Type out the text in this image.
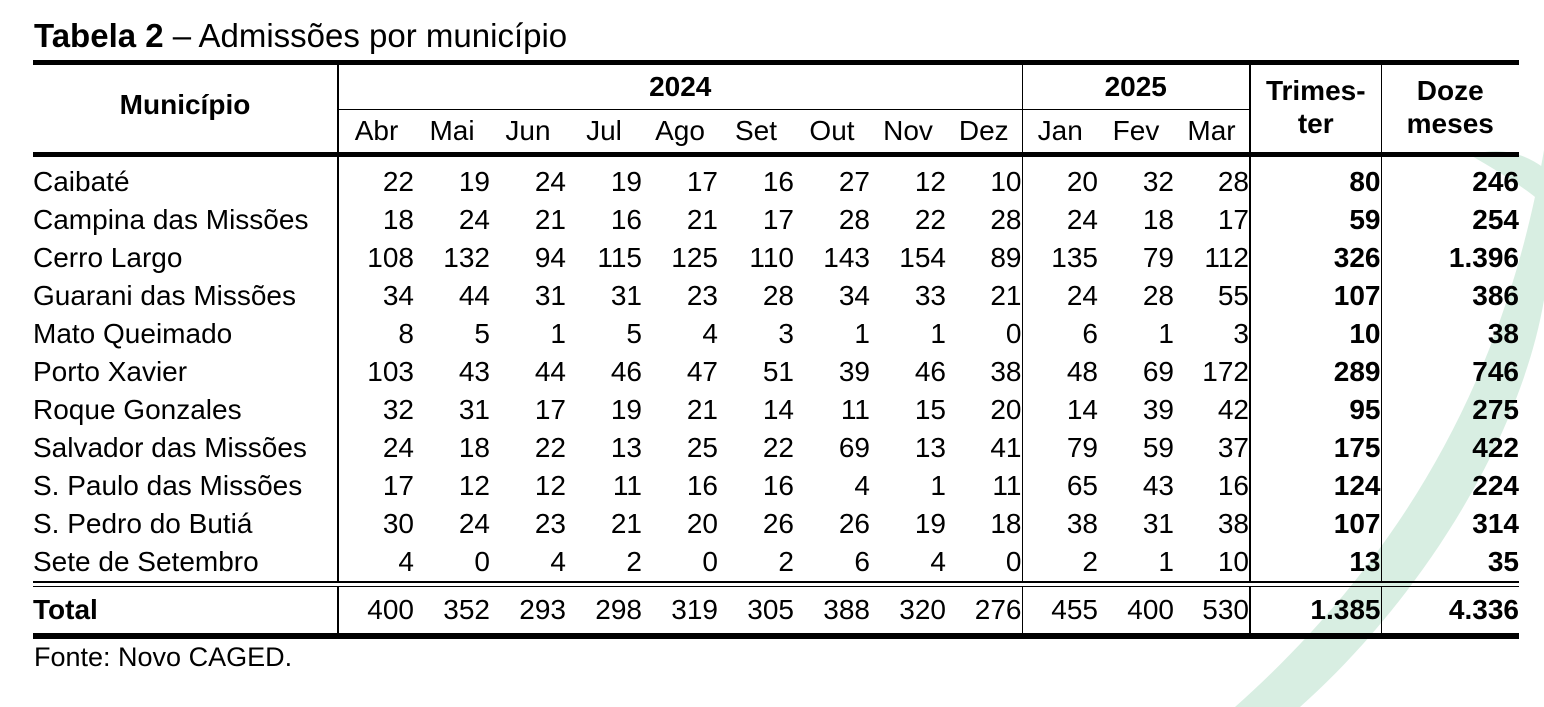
Tabela 2 – Admissões por município

Município	2024									2025			Trimes-
ter	Doze
meses
	Abr	Mai	Jun	Jul	Ago	Set	Out	Nov	Dez	Jan	Fev	Mar		

Caibaté	22	19	24	19	17	16	27	12	10	20	32	28	80	246
Campina das Missões	18	24	21	16	21	17	28	22	28	24	18	17	59	254
Cerro Largo	108	132	94	115	125	110	143	154	89	135	79	112	326	1.396
Guarani das Missões	34	44	31	31	23	28	34	33	21	24	28	55	107	386
Mato Queimado	8	5	1	5	4	3	1	1	0	6	1	3	10	38
Porto Xavier	103	43	44	46	47	51	39	46	38	48	69	172	289	746
Roque Gonzales	32	31	17	19	21	14	11	15	20	14	39	42	95	275
Salvador das Missões	24	18	22	13	25	22	69	13	41	79	59	37	175	422
S. Paulo das Missões	17	12	12	11	16	16	4	1	11	65	43	16	124	224
S. Pedro do Butiá	30	24	23	21	20	26	26	19	18	38	31	38	107	314
Sete de Setembro	4	0	4	2	0	2	6	4	0	2	1	10	13	35

Total	400	352	293	298	319	305	388	320	276	455	400	530	1.385	4.336

Fonte: Novo CAGED.
